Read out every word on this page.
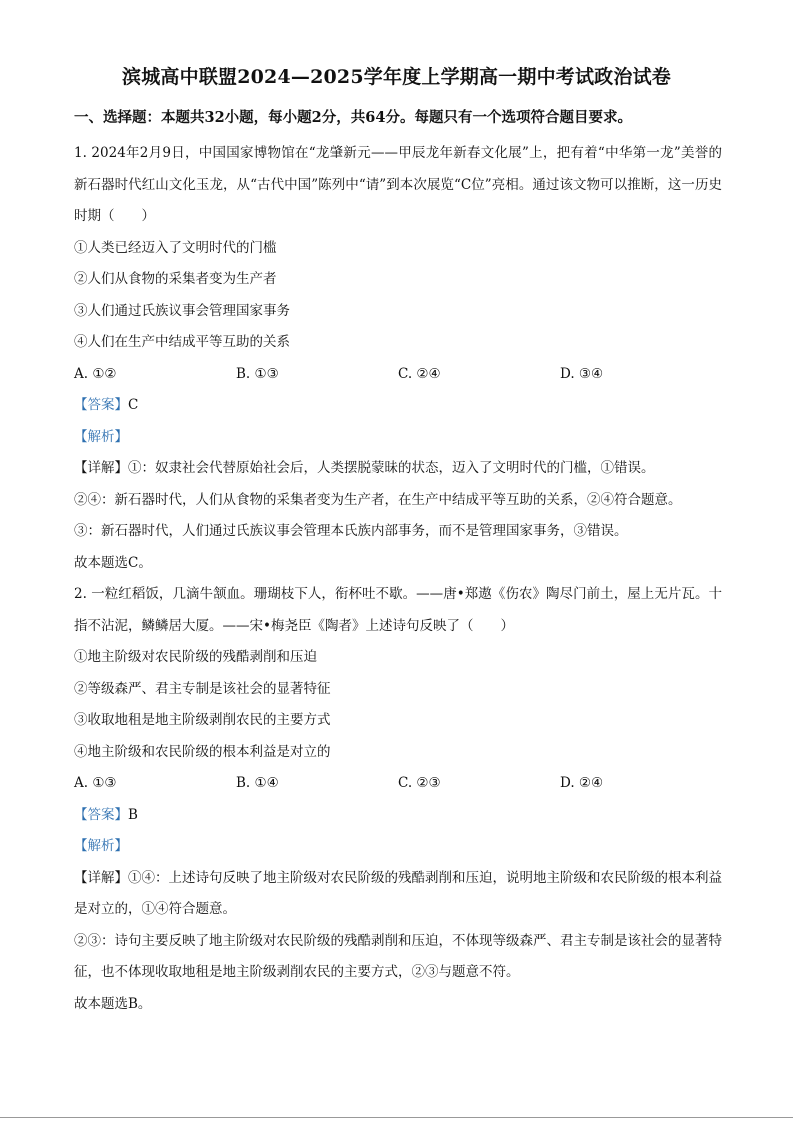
滨城高中联盟2024—2025学年度上学期高一期中考试政治试卷
一、选择题：本题共32小题，每小题2分，共64分。每题只有一个选项符合题目要求。
1. 2024年2月9日，中国国家博物馆在“龙肇新元——甲辰龙年新春文化展”上，把有着“中华第一龙”美誉的新石器时代红山文化玉龙，从“古代中国”陈列中“请”到本次展览“C位”亮相。通过该文物可以推断，这一历史时期（　　）
①人类已经迈入了文明时代的门槛
②人们从食物的采集者变为生产者
③人们通过氏族议事会管理国家事务
④人们在生产中结成平等互助的关系
A. ①②	B. ①③	C. ②④	D. ③④
【答案】C
【解析】
【详解】①：奴隶社会代替原始社会后，人类摆脱蒙昧的状态，迈入了文明时代的门槛，①错误。
②④：新石器时代，人们从食物的采集者变为生产者，在生产中结成平等互助的关系，②④符合题意。
③：新石器时代，人们通过氏族议事会管理本氏族内部事务，而不是管理国家事务，③错误。
故本题选C。
2. 一粒红稻饭，几滴牛颔血。珊瑚枝下人，衔杯吐不歇。——唐•郑遨《伤农》陶尽门前土，屋上无片瓦。十指不沾泥，鳞鳞居大厦。——宋•梅尧臣《陶者》上述诗句反映了（　　）
①地主阶级对农民阶级的残酷剥削和压迫
②等级森严、君主专制是该社会的显著特征
③收取地租是地主阶级剥削农民的主要方式
④地主阶级和农民阶级的根本利益是对立的
A. ①③	B. ①④	C. ②③	D. ②④
【答案】B
【解析】
【详解】①④：上述诗句反映了地主阶级对农民阶级的残酷剥削和压迫，说明地主阶级和农民阶级的根本利益是对立的，①④符合题意。
②③：诗句主要反映了地主阶级对农民阶级的残酷剥削和压迫，不体现等级森严、君主专制是该社会的显著特征，也不体现收取地租是地主阶级剥削农民的主要方式，②③与题意不符。
故本题选B。
